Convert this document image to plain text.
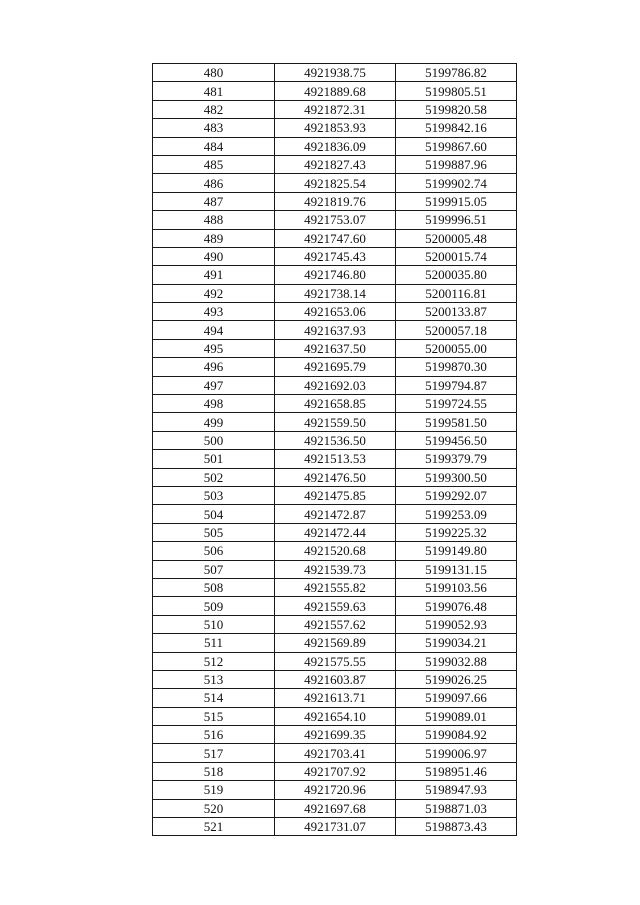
480	4921938.75	5199786.82
481	4921889.68	5199805.51
482	4921872.31	5199820.58
483	4921853.93	5199842.16
484	4921836.09	5199867.60
485	4921827.43	5199887.96
486	4921825.54	5199902.74
487	4921819.76	5199915.05
488	4921753.07	5199996.51
489	4921747.60	5200005.48
490	4921745.43	5200015.74
491	4921746.80	5200035.80
492	4921738.14	5200116.81
493	4921653.06	5200133.87
494	4921637.93	5200057.18
495	4921637.50	5200055.00
496	4921695.79	5199870.30
497	4921692.03	5199794.87
498	4921658.85	5199724.55
499	4921559.50	5199581.50
500	4921536.50	5199456.50
501	4921513.53	5199379.79
502	4921476.50	5199300.50
503	4921475.85	5199292.07
504	4921472.87	5199253.09
505	4921472.44	5199225.32
506	4921520.68	5199149.80
507	4921539.73	5199131.15
508	4921555.82	5199103.56
509	4921559.63	5199076.48
510	4921557.62	5199052.93
511	4921569.89	5199034.21
512	4921575.55	5199032.88
513	4921603.87	5199026.25
514	4921613.71	5199097.66
515	4921654.10	5199089.01
516	4921699.35	5199084.92
517	4921703.41	5199006.97
518	4921707.92	5198951.46
519	4921720.96	5198947.93
520	4921697.68	5198871.03
521	4921731.07	5198873.43
